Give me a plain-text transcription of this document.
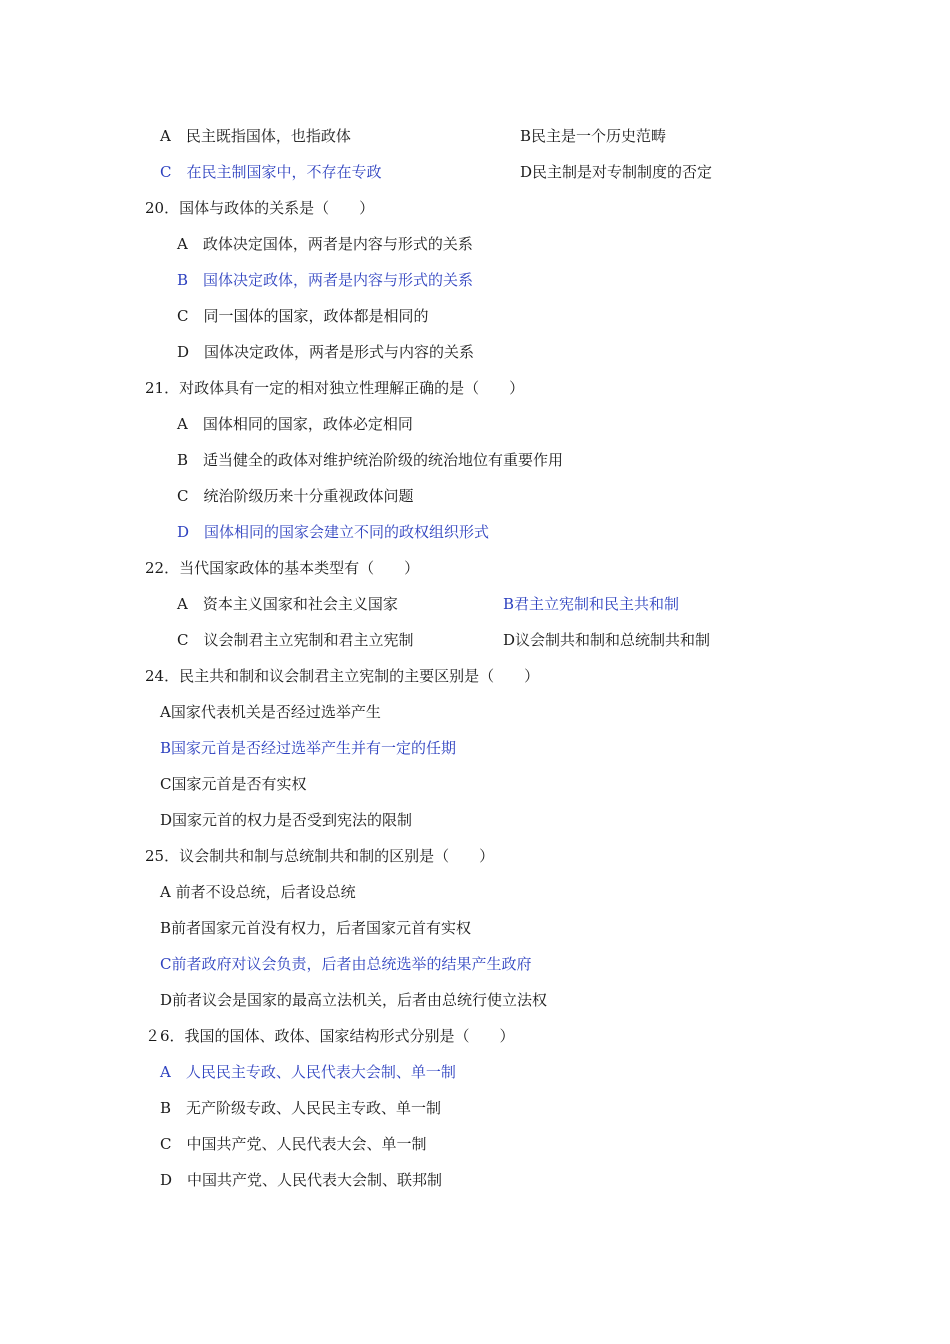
A　民主既指国体，也指政体	B民主是一个历史范畴
C　在民主制国家中，不存在专政	D民主制是对专制制度的否定
20．国体与政体的关系是（　　）
A　政体决定国体，两者是内容与形式的关系
B　国体决定政体，两者是内容与形式的关系
C　同一国体的国家，政体都是相同的
D　国体决定政体，两者是形式与内容的关系
21．对政体具有一定的相对独立性理解正确的是（　　）
A　国体相同的国家，政体必定相同
B　适当健全的政体对维护统治阶级的统治地位有重要作用
C　统治阶级历来十分重视政体问题
D　国体相同的国家会建立不同的政权组织形式
22．当代国家政体的基本类型有（　　）
A　资本主义国家和社会主义国家	B君主立宪制和民主共和制
C　议会制君主立宪制和君主立宪制	D议会制共和制和总统制共和制
24．民主共和制和议会制君主立宪制的主要区别是（　　）
A国家代表机关是否经过选举产生
B国家元首是否经过选举产生并有一定的任期
C国家元首是否有实权
D国家元首的权力是否受到宪法的限制
25．议会制共和制与总统制共和制的区别是（　　）
A 前者不设总统，后者设总统
B前者国家元首没有权力，后者国家元首有实权
C前者政府对议会负责，后者由总统选举的结果产生政府
D前者议会是国家的最高立法机关，后者由总统行使立法权
２6．我国的国体、政体、国家结构形式分别是（　　）
A　人民民主专政、人民代表大会制、单一制
B　无产阶级专政、人民民主专政、单一制
C　中国共产党、人民代表大会、单一制
D　中国共产党、人民代表大会制、联邦制
